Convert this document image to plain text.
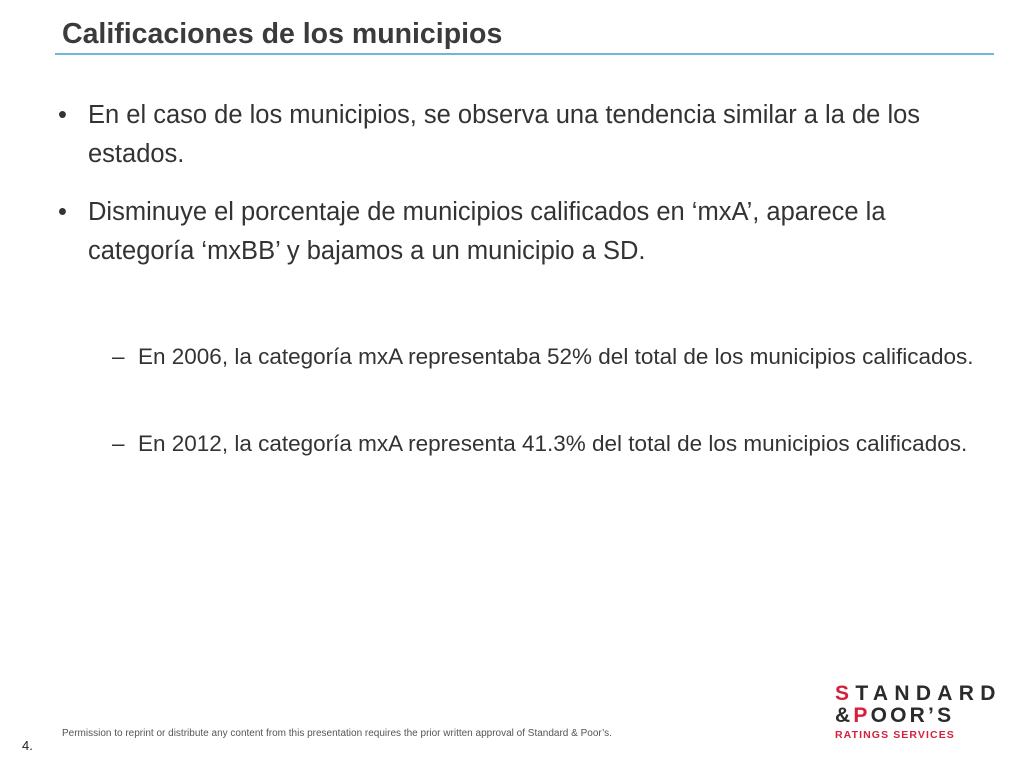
Calificaciones de los municipios
• En el caso de los municipios, se observa una tendencia similar a la de los estados.
• Disminuye el porcentaje de municipios calificados en ‘mxA’, aparece la categoría ‘mxBB’ y bajamos a un municipio a SD.
– En 2006, la categoría mxA representaba 52% del total de los municipios calificados.
– En 2012, la categoría mxA representa 41.3% del total de los municipios calificados.
4.
Permission to reprint or distribute any content from this presentation requires the prior written approval of Standard & Poor’s.
STANDARD
&POOR’S
RATINGS SERVICES
